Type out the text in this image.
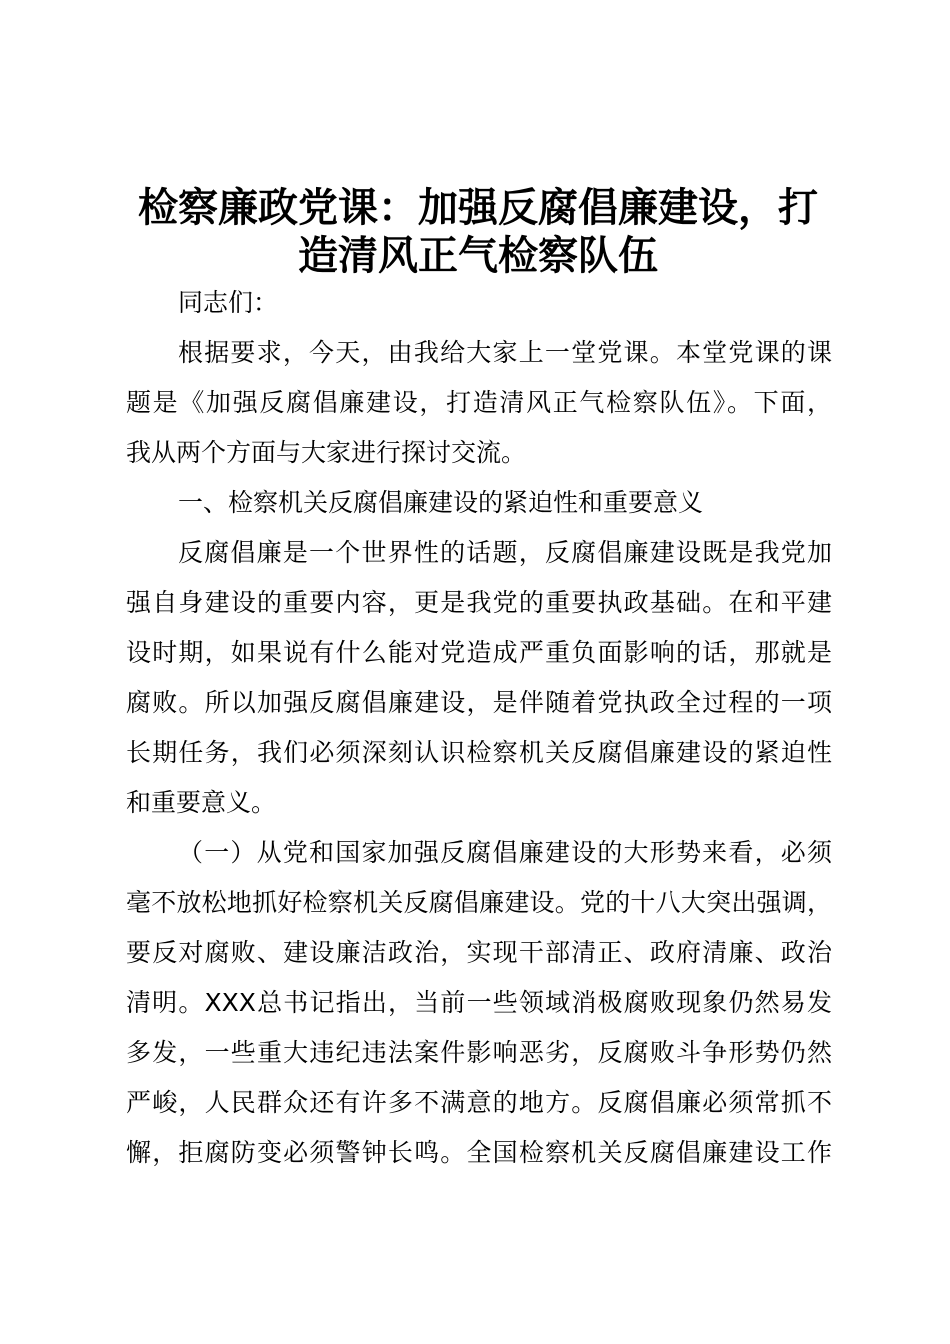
检察廉政党课：加强反腐倡廉建设，打
造清风正气检察队伍
同志们：
根据要求，今天，由我给大家上一堂党课。本堂党课的课
题是《加强反腐倡廉建设，打造清风正气检察队伍》。下面，
我从两个方面与大家进行探讨交流。
一、检察机关反腐倡廉建设的紧迫性和重要意义
反腐倡廉是一个世界性的话题，反腐倡廉建设既是我党加
强自身建设的重要内容，更是我党的重要执政基础。在和平建
设时期，如果说有什么能对党造成严重负面影响的话，那就是
腐败。所以加强反腐倡廉建设，是伴随着党执政全过程的一项
长期任务，我们必须深刻认识检察机关反腐倡廉建设的紧迫性
和重要意义。
（一）从党和国家加强反腐倡廉建设的大形势来看，必须
毫不放松地抓好检察机关反腐倡廉建设。党的十八大突出强调，
要反对腐败、建设廉洁政治，实现干部清正、政府清廉、政治
清明。XXX总书记指出，当前一些领域消极腐败现象仍然易发
多发，一些重大违纪违法案件影响恶劣，反腐败斗争形势仍然
严峻，人民群众还有许多不满意的地方。反腐倡廉必须常抓不
懈，拒腐防变必须警钟长鸣。全国检察机关反腐倡廉建设工作
